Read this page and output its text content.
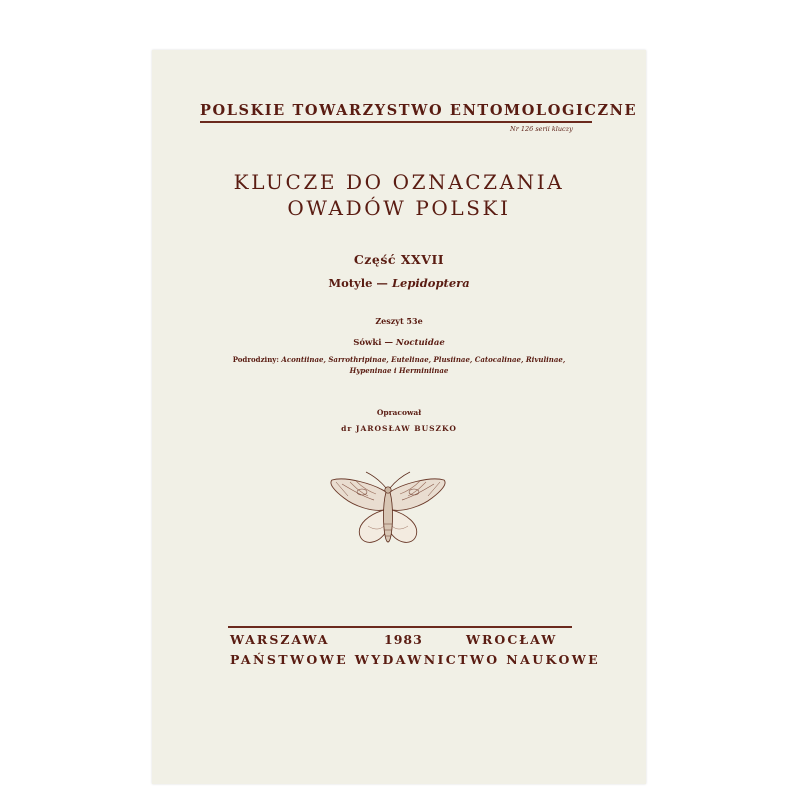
POLSKIE TOWARZYSTWO ENTOMOLOGICZNE
Nr 126 serii kluczy
KLUCZE DO OZNACZANIA
OWADÓW POLSKI
Część XXVII
Motyle — Lepidoptera
Zeszyt 53e
Sówki — Noctuidae
Podrodziny: Acontiinae, Sarrothripinae, Eutelinae, Plusiinae, Catocalinae, Rivulinae,
Hypeninae i Herminiinae
Opracował
dr JAROSŁAW BUSZKO
WARSZAWA	1983	WROCŁAW
PAŃSTWOWE WYDAWNICTWO NAUKOWE
